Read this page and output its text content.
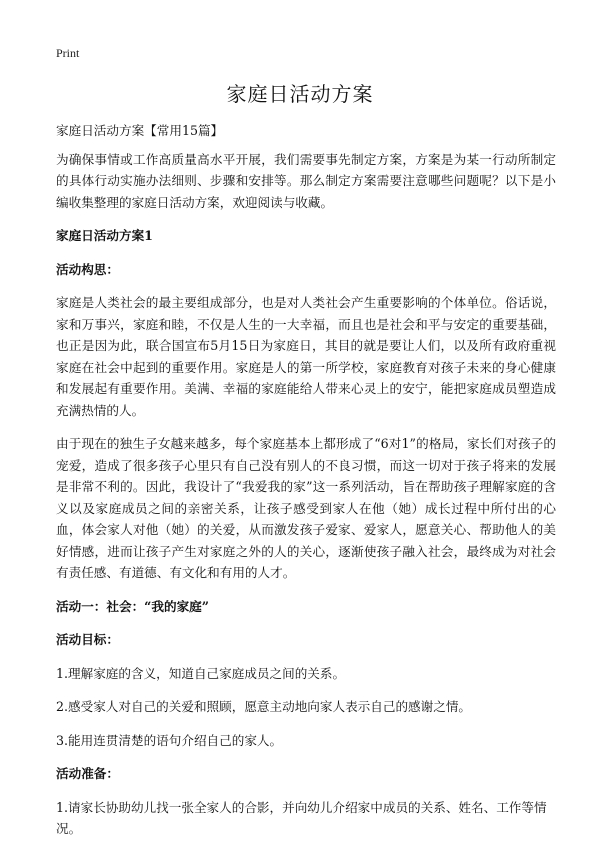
Print
家庭日活动方案

家庭日活动方案【常用15篇】

为确保事情或工作高质量高水平开展，我们需要事先制定方案，方案是为某一行动所制定的具体行动实施办法细则、步骤和安排等。那么制定方案需要注意哪些问题呢？以下是小编收集整理的家庭日活动方案，欢迎阅读与收藏。

家庭日活动方案1

活动构思：

家庭是人类社会的最主要组成部分，也是对人类社会产生重要影响的个体单位。俗话说，家和万事兴，家庭和睦，不仅是人生的一大幸福，而且也是社会和平与安定的重要基础，也正是因为此，联合国宣布5月15日为家庭日，其目的就是要让人们，以及所有政府重视家庭在社会中起到的重要作用。家庭是人的第一所学校，家庭教育对孩子未来的身心健康和发展起有重要作用。美满、幸福的家庭能给人带来心灵上的安宁，能把家庭成员塑造成充满热情的人。

由于现在的独生子女越来越多，每个家庭基本上都形成了“6对1”的格局，家长们对孩子的宠爱，造成了很多孩子心里只有自己没有别人的不良习惯，而这一切对于孩子将来的发展是非常不利的。因此，我设计了“我爱我的家”这一系列活动，旨在帮助孩子理解家庭的含义以及家庭成员之间的亲密关系，让孩子感受到家人在他（她）成长过程中所付出的心血，体会家人对他（她）的关爱，从而激发孩子爱家、爱家人，愿意关心、帮助他人的美好情感，进而让孩子产生对家庭之外的人的关心，逐渐使孩子融入社会，最终成为对社会有责任感、有道德、有文化和有用的人才。

活动一：社会：“我的家庭”

活动目标：

1.理解家庭的含义，知道自己家庭成员之间的关系。

2.感受家人对自己的关爱和照顾，愿意主动地向家人表示自己的感谢之情。

3.能用连贯清楚的语句介绍自己的家人。

活动准备：

1.请家长协助幼儿找一张全家人的合影，并向幼儿介绍家中成员的关系、姓名、工作等情况。
